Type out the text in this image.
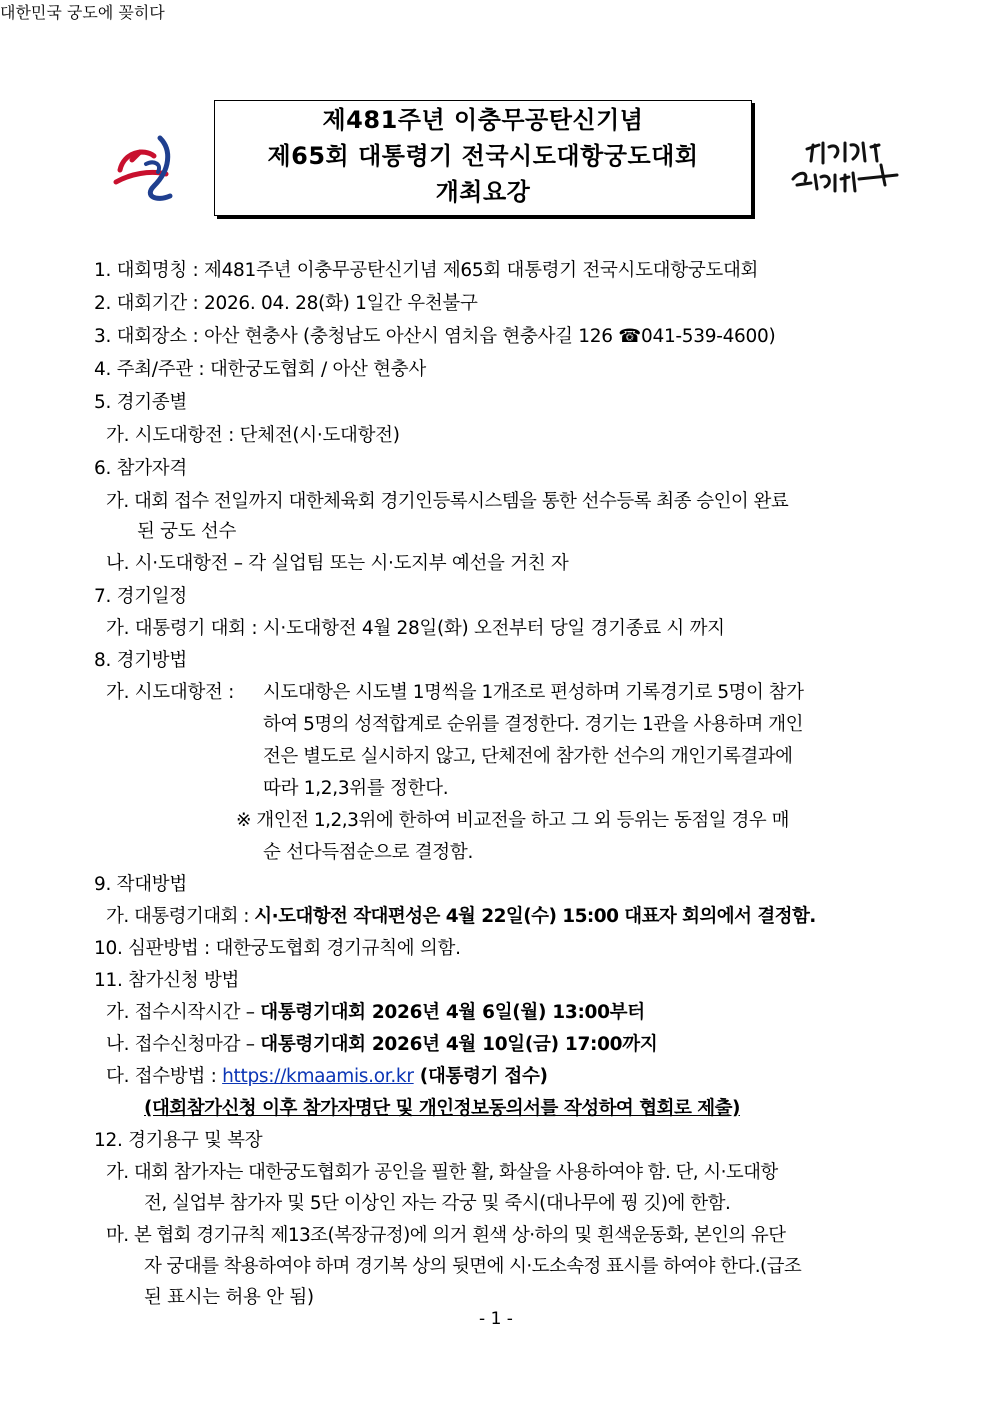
제481주년 이충무공탄신기념
제65회 대통령기 전국시도대항궁도대회
개최요강
대한민국 궁도에 꽂히다
1. 대회명칭 : 제481주년 이충무공탄신기념 제65회 대통령기 전국시도대항궁도대회
2. 대회기간 : 2026. 04. 28(화) 1일간 우천불구
3. 대회장소 : 아산 현충사 (충청남도 아산시 염치읍 현충사길 126 ☎041-539-4600)
4. 주최/주관 : 대한궁도협회 / 아산 현충사
5. 경기종별
가. 시도대항전 : 단체전(시·도대항전)
6. 참가자격
가. 대회 접수 전일까지 대한체육회 경기인등록시스템을 통한 선수등록 최종 승인이 완료
된 궁도 선수
나. 시·도대항전 – 각 실업팀 또는 시·도지부 예선을 거친 자
7. 경기일정
가. 대통령기 대회 : 시·도대항전 4월 28일(화) 오전부터 당일 경기종료 시 까지
8. 경기방법
가. 시도대항전 : 시도대항은 시도별 1명씩을 1개조로 편성하며 기록경기로 5명이 참가
하여 5명의 성적합계로 순위를 결정한다. 경기는 1관을 사용하며 개인
전은 별도로 실시하지 않고, 단체전에 참가한 선수의 개인기록결과에
따라 1,2,3위를 정한다.
※ 개인전 1,2,3위에 한하여 비교전을 하고 그 외 등위는 동점일 경우 매
순 선다득점순으로 결정함.
9. 작대방법
가. 대통령기대회 : 시·도대항전 작대편성은 4월 22일(수) 15:00 대표자 회의에서 결정함.
10. 심판방법 : 대한궁도협회 경기규칙에 의함.
11. 참가신청 방법
가. 접수시작시간 – 대통령기대회 2026년 4월 6일(월) 13:00부터
나. 접수신청마감 – 대통령기대회 2026년 4월 10일(금) 17:00까지
다. 접수방법 : https://kmaamis.or.kr (대통령기 접수)
(대회참가신청 이후 참가자명단 및 개인정보동의서를 작성하여 협회로 제출)
12. 경기용구 및 복장
가. 대회 참가자는 대한궁도협회가 공인을 필한 활, 화살을 사용하여야 함. 단, 시·도대항
전, 실업부 참가자 및 5단 이상인 자는 각궁 및 죽시(대나무에 꿩 깃)에 한함.
마. 본 협회 경기규칙 제13조(복장규정)에 의거 흰색 상·하의 및 흰색운동화, 본인의 유단
자 궁대를 착용하여야 하며 경기복 상의 뒷면에 시·도소속정 표시를 하여야 한다.(급조
된 표시는 허용 안 됨)
- 1 -
